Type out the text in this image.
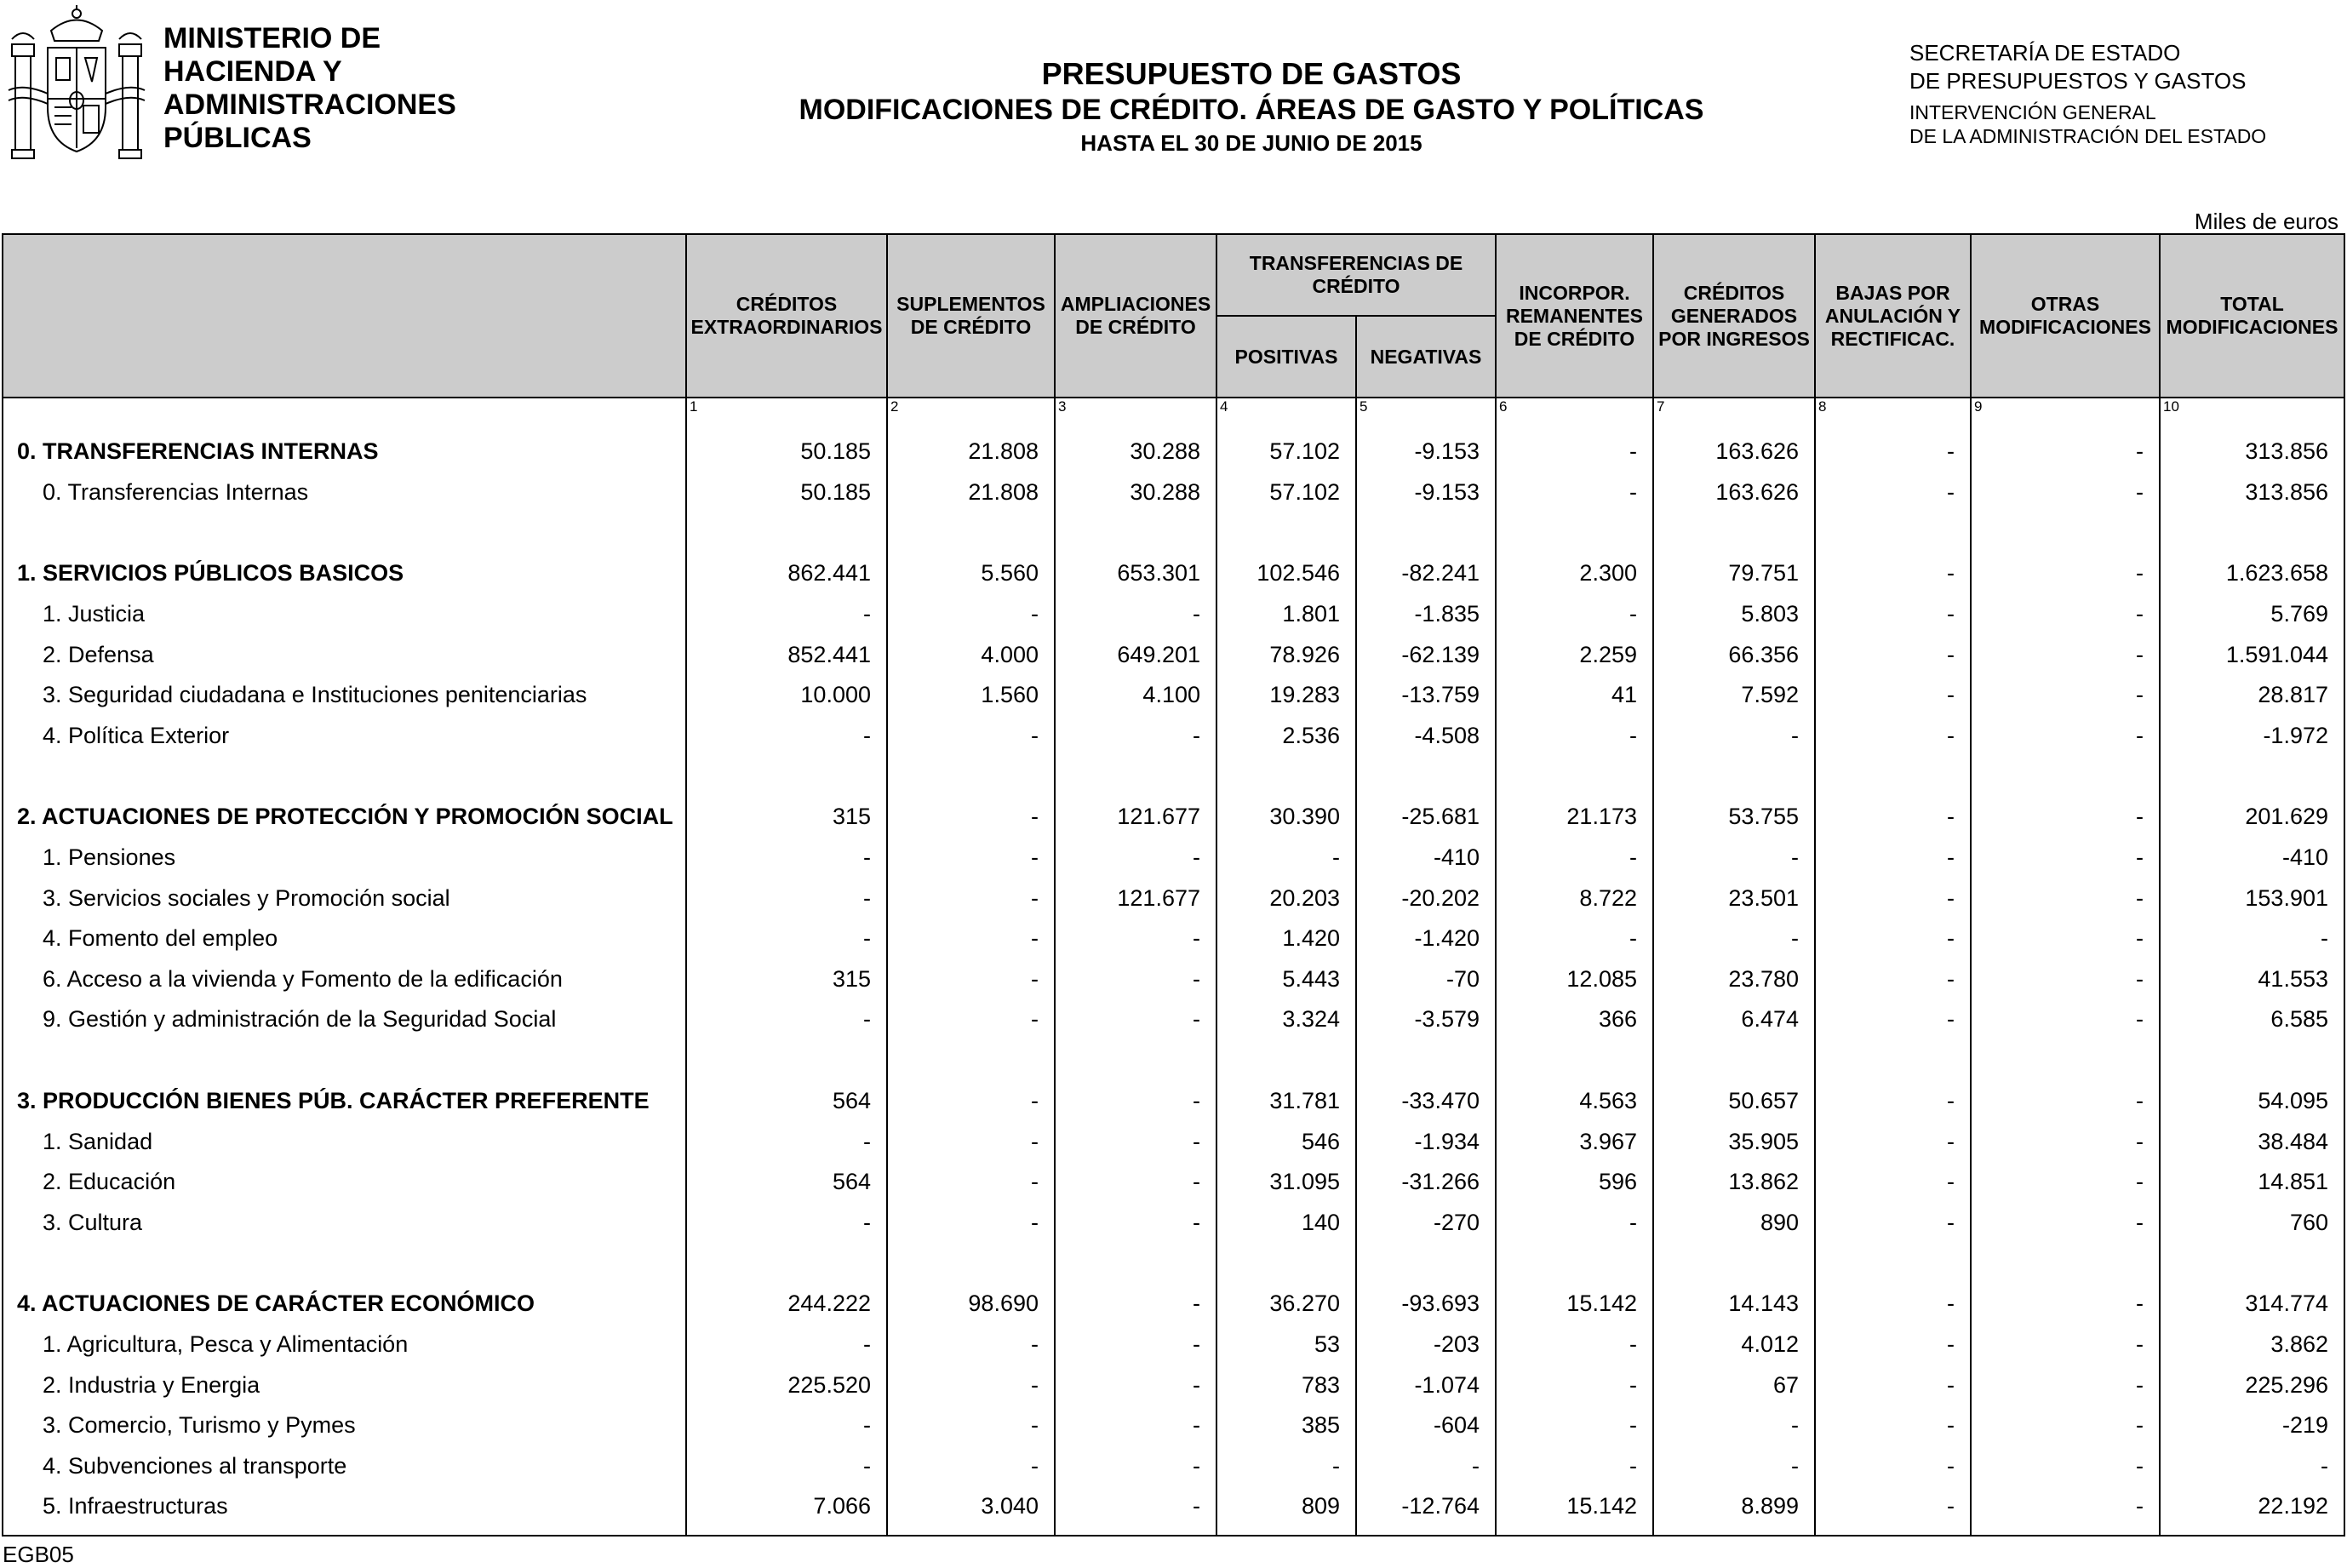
MINISTERIO DE
HACIENDA Y
ADMINISTRACIONES
PÚBLICAS
PRESUPUESTO DE GASTOS
MODIFICACIONES DE CRÉDITO. ÁREAS DE GASTO Y POLÍTICAS
HASTA EL 30 DE JUNIO DE 2015
SECRETARÍA DE ESTADO
DE PRESUPUESTOS Y GASTOS
INTERVENCIÓN GENERAL
DE LA ADMINISTRACIÓN DEL ESTADO
Miles de euros
	CRÉDITOS EXTRAORDINARIOS	SUPLEMENTOS DE CRÉDITO	AMPLIACIONES DE CRÉDITO	TRANSFERENCIAS DE CRÉDITO		INCORPOR. REMANENTES DE CRÉDITO	CRÉDITOS GENERADOS POR INGRESOS	BAJAS POR ANULACIÓN Y RECTIFICAC.	OTRAS MODIFICACIONES	TOTAL MODIFICACIONES
				POSITIVAS	NEGATIVAS					
	1	2	3	4	5	6	7	8	9	10
0. TRANSFERENCIAS INTERNAS	50.185	21.808	30.288	57.102	-9.153	-	163.626	-	-	313.856
0. Transferencias Internas	50.185	21.808	30.288	57.102	-9.153	-	163.626	-	-	313.856

1. SERVICIOS PÚBLICOS BASICOS	862.441	5.560	653.301	102.546	-82.241	2.300	79.751	-	-	1.623.658
1. Justicia	-	-	-	1.801	-1.835	-	5.803	-	-	5.769
2. Defensa	852.441	4.000	649.201	78.926	-62.139	2.259	66.356	-	-	1.591.044
3. Seguridad ciudadana e Instituciones penitenciarias	10.000	1.560	4.100	19.283	-13.759	41	7.592	-	-	28.817
4. Política Exterior	-	-	-	2.536	-4.508	-	-	-	-	-1.972

2. ACTUACIONES DE PROTECCIÓN Y PROMOCIÓN SOCIAL	315	-	121.677	30.390	-25.681	21.173	53.755	-	-	201.629
1. Pensiones	-	-	-	-	-410	-	-	-	-	-410
3. Servicios sociales y Promoción social	-	-	121.677	20.203	-20.202	8.722	23.501	-	-	153.901
4. Fomento del empleo	-	-	-	1.420	-1.420	-	-	-	-	-
6. Acceso a la vivienda y Fomento de la edificación	315	-	-	5.443	-70	12.085	23.780	-	-	41.553
9. Gestión y administración de la Seguridad Social	-	-	-	3.324	-3.579	366	6.474	-	-	6.585

3. PRODUCCIÓN BIENES PÚB. CARÁCTER PREFERENTE	564	-	-	31.781	-33.470	4.563	50.657	-	-	54.095
1. Sanidad	-	-	-	546	-1.934	3.967	35.905	-	-	38.484
2. Educación	564	-	-	31.095	-31.266	596	13.862	-	-	14.851
3. Cultura	-	-	-	140	-270	-	890	-	-	760

4. ACTUACIONES DE CARÁCTER ECONÓMICO	244.222	98.690	-	36.270	-93.693	15.142	14.143	-	-	314.774
1. Agricultura, Pesca y Alimentación	-	-	-	53	-203	-	4.012	-	-	3.862
2. Industria y Energia	225.520	-	-	783	-1.074	-	67	-	-	225.296
3. Comercio, Turismo y Pymes	-	-	-	385	-604	-	-	-	-	-219
4. Subvenciones al transporte	-	-	-	-	-	-	-	-	-	-
5. Infraestructuras	7.066	3.040	-	809	-12.764	15.142	8.899	-	-	22.192

EGB05
